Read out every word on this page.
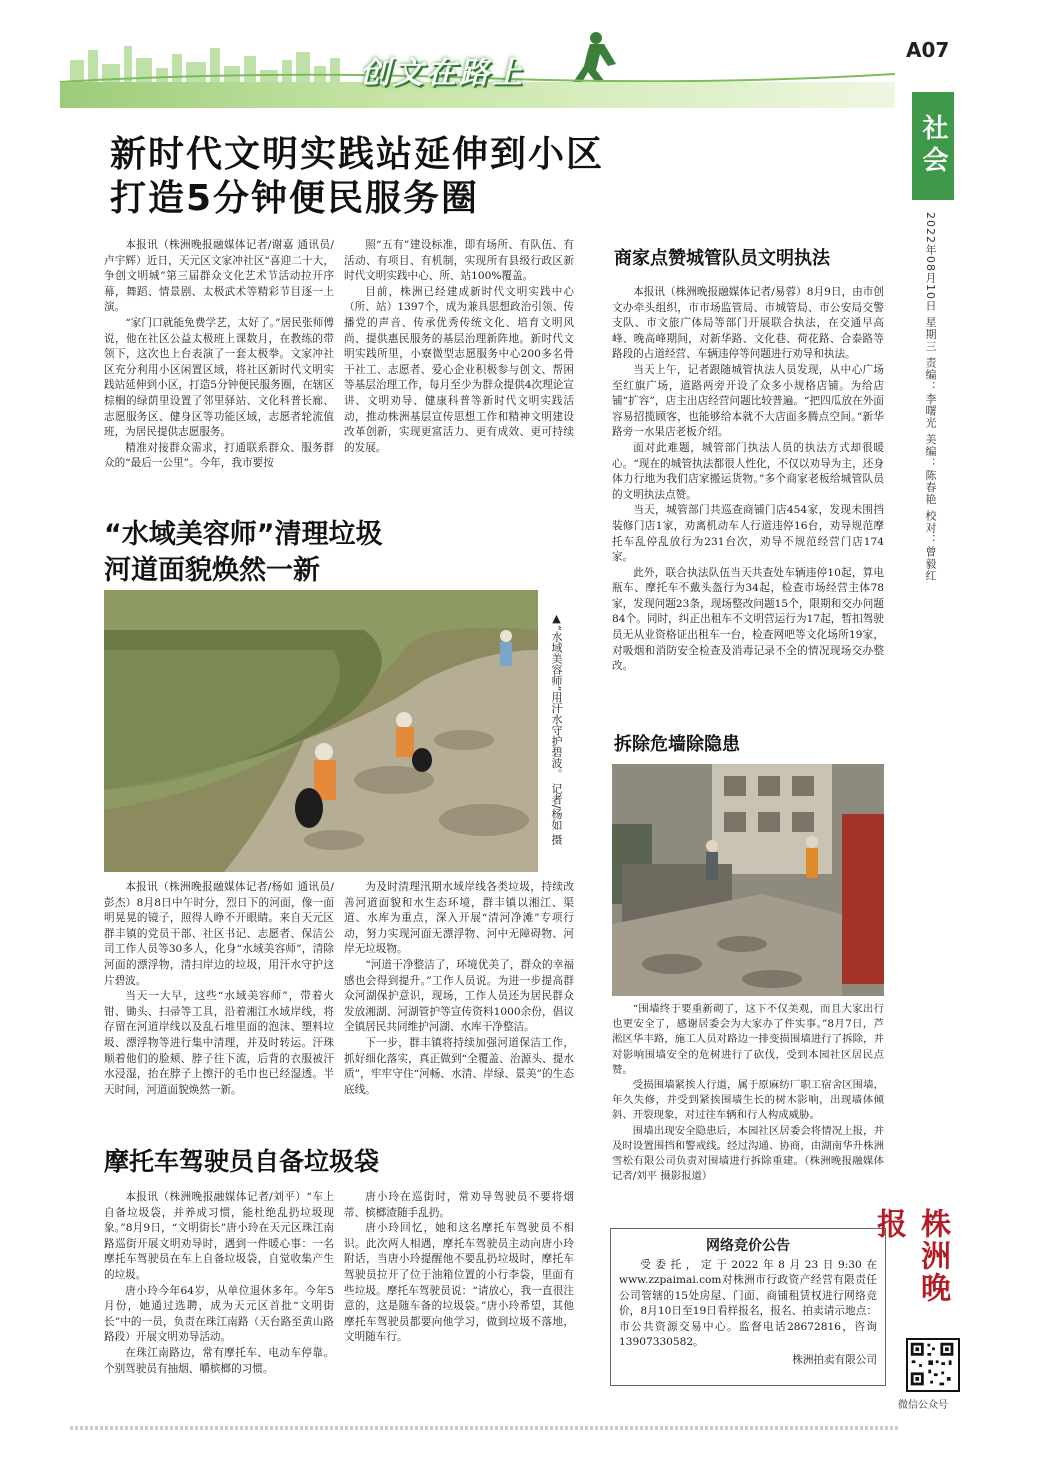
创文在路上
A07
社会
2022年08月10日 星期三 责编：李曙光 美编：陈春艳 校对：曾毅红
新时代文明实践站延伸到小区
打造5分钟便民服务圈

本报讯（株洲晚报融媒体记者/谢嘉 通讯员/卢宇辉）近日，天元区文家冲社区“喜迎二十大，争创文明城”第三届群众文化艺术节活动拉开序幕，舞蹈、情景剧、太极武术等精彩节目逐一上演。

“家门口就能免费学艺，太好了。”居民张师傅说，他在社区公益太极班上课数月，在教练的带领下，这次也上台表演了一套太极拳。文家冲社区充分利用小区闲置区域，将社区新时代文明实践站延伸到小区，打造5分钟便民服务圈，在辖区棕榈的绿荫里设置了邻里驿站、文化科普长廊、志愿服务区、健身区等功能区域，志愿者轮流值班，为居民提供志愿服务。

精准对接群众需求，打通联系群众、服务群众的“最后一公里”。今年，我市要按

照“五有”建设标准，即有场所、有队伍、有活动、有项目、有机制，实现所有县级行政区新时代文明实践中心、所、站100%覆盖。

目前，株洲已经建成新时代文明实践中心（所、站）1397个，成为兼具思想政治引领、传播党的声音、传承优秀传统文化、培育文明风尚、提供惠民服务的基层治理新阵地。新时代文明实践所里，小寮微型志愿服务中心200多名骨干社工、志愿者、爱心企业积极参与创文、帮困等基层治理工作，每月至少为群众提供4次理论宣讲、文明劝导、健康科普等新时代文明实践活动，推动株洲基层宣传思想工作和精神文明建设改革创新，实现更富活力、更有成效、更可持续的发展。

“水域美容师”清理垃圾
河道面貌焕然一新
▲“水域美容师”用汗水守护碧波。 记者/杨如 摄

本报讯（株洲晚报融媒体记者/杨如 通讯员/彭杰）8月8日中午时分，烈日下的河面，像一面明晃晃的镜子，照得人睁不开眼睛。来自天元区群丰镇的党员干部、社区书记、志愿者、保洁公司工作人员等30多人，化身“水域美容师”，清除河面的漂浮物，清扫岸边的垃圾，用汗水守护这片碧波。

当天一大早，这些“水域美容师”，带着火钳、锄头、扫帚等工具，沿着湘江水域岸线，将存留在河道岸线以及乱石堆里面的泡沫、塑料垃圾、漂浮物等进行集中清理，并及时转运。汗珠顺着他们的脸颊、脖子往下流，后背的衣服被汗水浸湿，抬在脖子上擦汗的毛巾也已经湿透。半天时间，河道面貌焕然一新。

为及时清理汛期水域岸线各类垃圾，持续改善河道面貌和水生态环境，群丰镇以湘江、渠道、水库为重点，深入开展“清河净滩”专项行动，努力实现河面无漂浮物、河中无障碍物、河岸无垃圾物。

“河道干净整洁了，环境优美了，群众的幸福感也会得到提升。”工作人员说。为进一步提高群众河湖保护意识，现场，工作人员还为居民群众发放湘湖、河湖管护等宣传资料1000余份，倡议全镇居民共同维护河湖、水库干净整洁。

下一步，群丰镇将持续加强河道保洁工作，抓好细化落实，真正做到“全覆盖、治源头、提水质”，牢牢守住“河畅、水清、岸绿、景美”的生态底线。

摩托车驾驶员自备垃圾袋

本报讯（株洲晚报融媒体记者/刘平）“车上自备垃圾袋，并养成习惯，能杜绝乱扔垃圾现象。”8月9日，“文明街长”唐小玲在天元区珠江南路巡街开展文明劝导时，遇到一件暖心事：一名摩托车驾驶员在车上自备垃圾袋，自觉收集产生的垃圾。

唐小玲今年64岁，从单位退休多年。今年5月份，她通过选聘，成为天元区首批“文明街长”中的一员，负责在珠江南路（天台路至黄山路路段）开展文明劝导活动。

在珠江南路边，常有摩托车、电动车停靠。个别驾驶员有抽烟、嚼槟榔的习惯。

唐小玲在巡街时，常劝导驾驶员不要将烟蒂、槟榔渣随手乱扔。

唐小玲回忆，她和这名摩托车驾驶员不相识。此次两人相遇，摩托车驾驶员主动向唐小玲附话，当唐小玲提醒他不要乱扔垃圾时，摩托车驾驶员拉开了位于油箱位置的小行李袋，里面有些垃圾。摩托车驾驶员说：“请放心，我一直很注意的，这是随车备的垃圾袋。”唐小玲希望，其他摩托车驾驶员都要向他学习，做到垃圾不落地，文明随车行。

商家点赞城管队员文明执法

本报讯（株洲晚报融媒体记者/易蓉）8月9日，由市创文办牵头组织，市市场监管局、市城管局、市公安局交警支队、市文旅广体局等部门开展联合执法，在交通早高峰、晚高峰期间，对新华路、文化巷、荷花路、合泰路等路段的占道经营、车辆违停等问题进行劝导和执法。

当天上午，记者跟随城管执法人员发现，从中心广场至红旗广场，道路两旁开设了众多小规格店铺。为给店铺“扩容”，店主出店经营问题比较普遍。“把四瓜放在外面容易招揽顾客，也能够给本就不大店面多腾点空间。”新华路旁一水果店老板介绍。

面对此难题，城管部门执法人员的执法方式却很暖心。“现在的城管执法都很人性化，不仅以劝导为主，还身体力行地为我们店家搬运货物。”多个商家老板给城管队员的文明执法点赞。

当天，城管部门共巡查商铺门店454家，发现未围挡装修门店1家，劝离机动车人行道违停16台，劝导规范摩托车乱停乱放行为231台次，劝导不规范经营门店174家。

此外，联合执法队伍当天共查处车辆违停10起，算电瓶车、摩托车不戴头盔行为34起，检查市场经营主体78家，发现问题23条，现场整改问题15个，限期和交办问题84个。同时，纠正出租车不文明营运行为17起，暂扣驾驶员无从业资格证出租车一台，检查网吧等文化场所19家，对吸烟和消防安全检查及消毒记录不全的情况现场交办整改。

拆除危墙除隐患

“围墙终于要重新砌了，这下不仅美观，而且大家出行也更安全了，感谢居委会为大家办了件实事。”8月7日，芦淞区华丰路，施工人员对路边一排变损围墙进行了拆除，并对影响围墙安全的危树进行了砍伐，受到本园社区居民点赞。

受损围墙紧挨人行道，属于原麻纺厂职工宿舍区围墙，年久失修，并受到紧挨围墙生长的树木影响，出现墙体倾斜、开裂现象，对过往车辆和行人构成威胁。

围墙出现安全隐患后，本园社区居委会将情况上报，并及时设置围挡和警戒线。经过沟通、协商，由湖南华升株洲雪松有限公司负责对围墙进行拆除重建。（株洲晚报融媒体记者/刘平 摄影报道）

网络竞价公告
受委托，定于2022年8月23日9:30在www.zzpaimai.com对株洲市行政资产经营有限责任公司管辖的15处房屋、门面、商铺租赁权进行网络竞价，8月10日至19日看样报名，报名、拍卖请示地点：市公共资源交易中心。监督电话28672816，咨询13907330582。
株洲拍卖有限公司
株洲晚报
微信公众号
